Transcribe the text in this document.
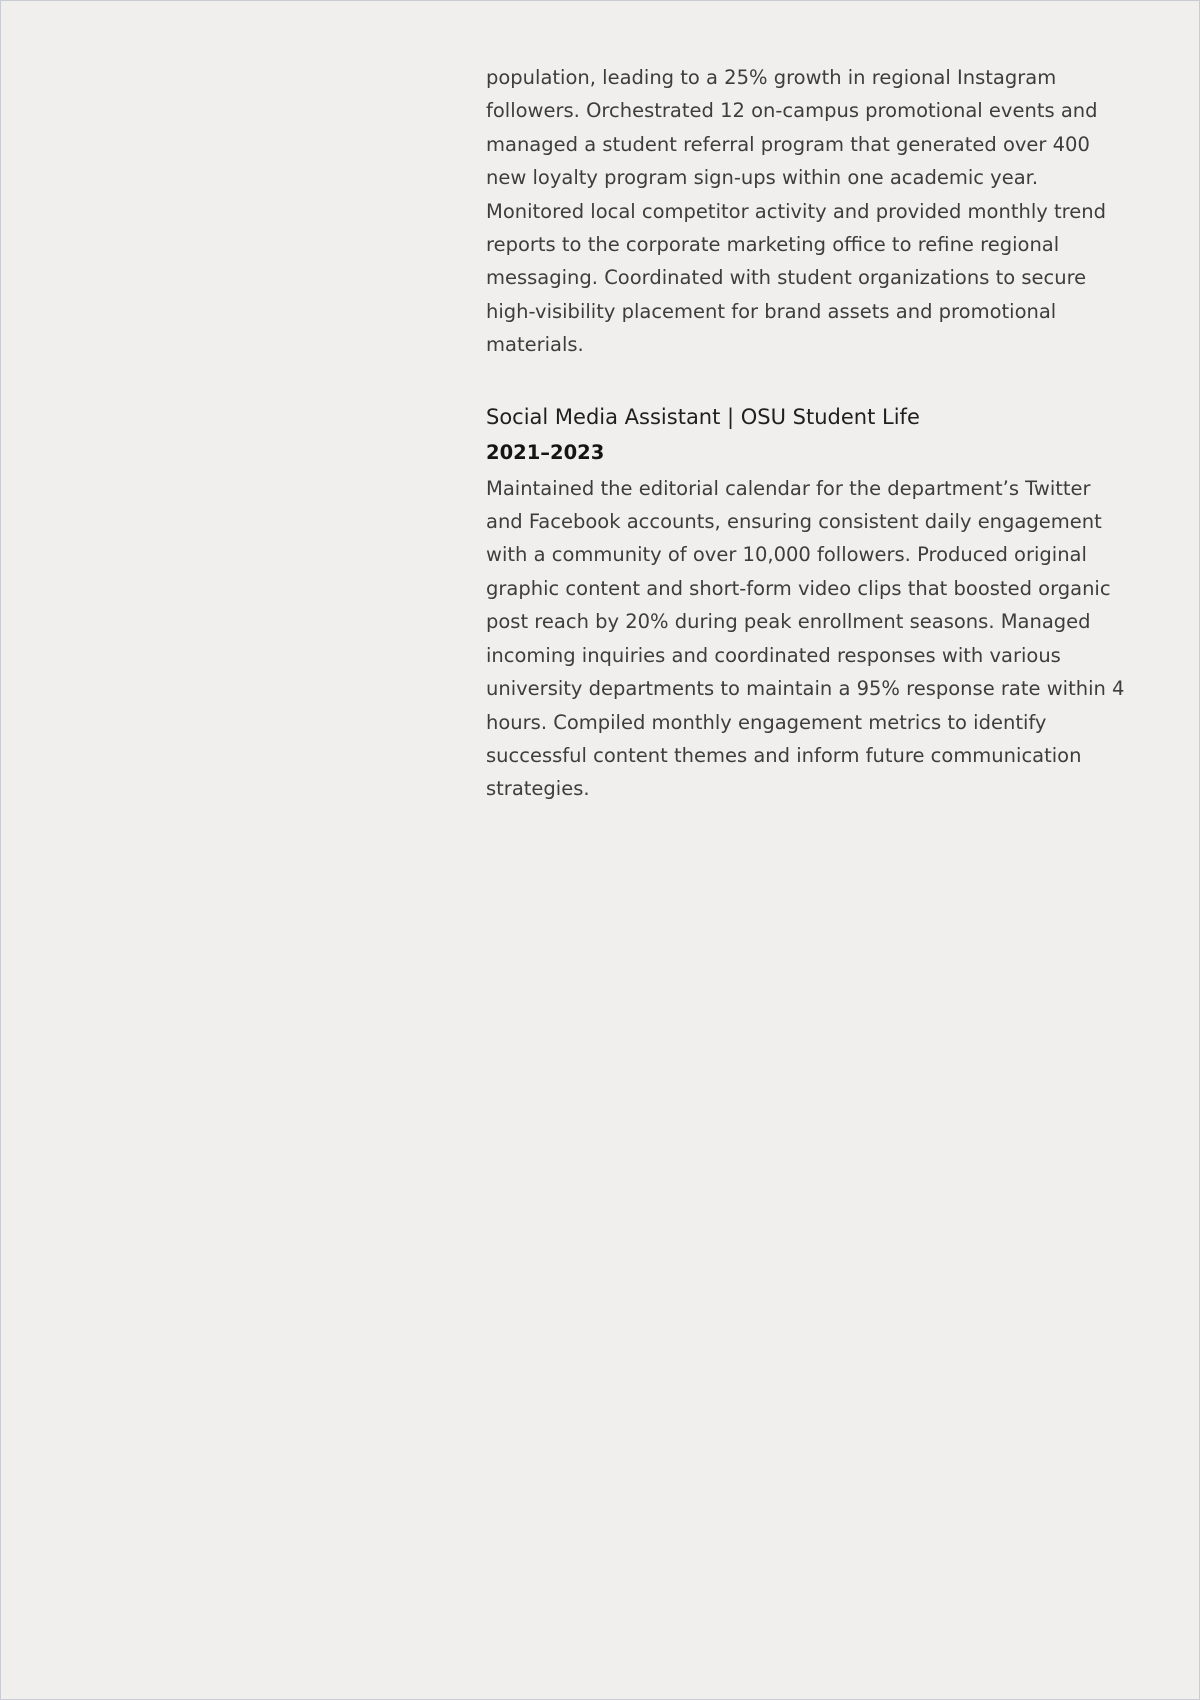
population, leading to a 25% growth in regional Instagram followers. Orchestrated 12 on-campus promotional events and managed a student referral program that generated over 400 new loyalty program sign-ups within one academic year. Monitored local competitor activity and provided monthly trend reports to the corporate marketing office to refine regional messaging. Coordinated with student organizations to secure high-visibility placement for brand assets and promotional materials.

Social Media Assistant | OSU Student Life
2021–2023

Maintained the editorial calendar for the department’s Twitter and Facebook accounts, ensuring consistent daily engagement with a community of over 10,000 followers. Produced original graphic content and short-form video clips that boosted organic post reach by 20% during peak enrollment seasons. Managed incoming inquiries and coordinated responses with various university departments to maintain a 95% response rate within 4 hours. Compiled monthly engagement metrics to identify successful content themes and inform future communication strategies.
